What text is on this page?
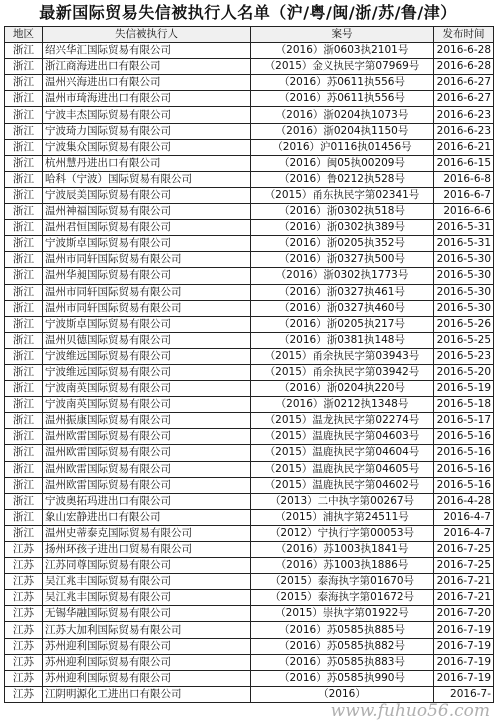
最新国际贸易失信被执行人名单（沪/粤/闽/浙/苏/鲁/津）
地区	失信被执行人	案号	发布时间
浙江	绍兴华汇国际贸易有限公司	（2016）浙0603执2101号	2016-6-28
浙江	浙江商海进出口有限公司	（2015）金义执民字第07969号	2016-6-28
浙江	温州兴海进出口有限公司	（2016）苏0611执556号	2016-6-27
浙江	温州市琦海进出口有限公司	（2016）苏0611执556号	2016-6-27
浙江	宁波丰杰国际贸易有限公司	（2016）浙0204执1073号	2016-6-23
浙江	宁波琦力国际贸易有限公司	（2016）浙0204执1150号	2016-6-23
浙江	宁波集众国际贸易有限公司	（2016）沪0116执01456号	2016-6-21
浙江	杭州慧丹进出口有限公司	（2016）闽05执00209号	2016-6-15
浙江	哈科（宁波）国际贸易有限公司	（2016）鲁0212执528号	2016-6-8
浙江	宁波辰美国际贸易有限公司	（2015）甬东执民字第02341号	2016-6-7
浙江	温州神福国际贸易有限公司	（2016）浙0302执518号	2016-6-6
浙江	温州君恒国际贸易有限公司	（2016）浙0302执389号	2016-5-31
浙江	宁波斯卓国际贸易有限公司	（2016）浙0205执352号	2016-5-31
浙江	温州市同轩国际贸易有限公司	（2016）浙0327执500号	2016-5-30
浙江	温州华昶国际贸易有限公司	（2016）浙0302执1773号	2016-5-30
浙江	温州市同轩国际贸易有限公司	（2016）浙0327执461号	2016-5-30
浙江	温州市同轩国际贸易有限公司	（2016）浙0327执460号	2016-5-30
浙江	宁波斯卓国际贸易有限公司	（2016）浙0205执217号	2016-5-26
浙江	温州贝德国际贸易有限公司	（2016）浙0381执148号	2016-5-25
浙江	宁波维远国际贸易有限公司	（2015）甬余执民字第03943号	2016-5-23
浙江	宁波维远国际贸易有限公司	（2015）甬余执民字第03942号	2016-5-20
浙江	宁波南英国际贸易有限公司	（2016）浙0204执220号	2016-5-19
浙江	宁波南英国际贸易有限公司	（2016）浙0212执1348号	2016-5-18
浙江	温州振康国际贸易有限公司	（2015）温龙执民字第02274号	2016-5-17
浙江	温州欧雷国际贸易有限公司	（2015）温鹿执民字第04603号	2016-5-16
浙江	温州欧雷国际贸易有限公司	（2015）温鹿执民字第04604号	2016-5-16
浙江	温州欧雷国际贸易有限公司	（2015）温鹿执民字第04605号	2016-5-16
浙江	温州欧雷国际贸易有限公司	（2015）温鹿执民字第04602号	2016-5-16
浙江	宁波奥拓玛进出口有限公司	（2013）二中执字第00267号	2016-4-28
浙江	象山宏静进出口有限公司	（2015）浦执字第24511号	2016-4-7
浙江	温州史蒂泰克国际贸易有限公司	（2012）宁执行字第00053号	2016-4-7
江苏	扬州环孩子进出口贸易有限公司	（2016）苏1003执1841号	2016-7-25
江苏	江苏同尊国际贸易有限公司	（2016）苏1003执1886号	2016-7-25
江苏	吴江兆丰国际贸易有限公司	（2015）泰海执字第01670号	2016-7-21
江苏	吴江兆丰国际贸易有限公司	（2015）泰海执字第01672号	2016-7-21
江苏	无锡华融国际贸易有限公司	（2015）崇执字第01922号	2016-7-20
江苏	江苏大加利国际贸易有限公司	（2016）苏0585执885号	2016-7-19
江苏	苏州迎利国际贸易有限公司	（2016）苏0585执882号	2016-7-19
江苏	苏州迎利国际贸易有限公司	（2016）苏0585执883号	2016-7-19
江苏	苏州迎利国际贸易有限公司	（2016）苏0585执990号	2016-7-19
江苏	江阴明源化工进出口有限公司	（2016）	2016-7-
www.fuhuo56.com
